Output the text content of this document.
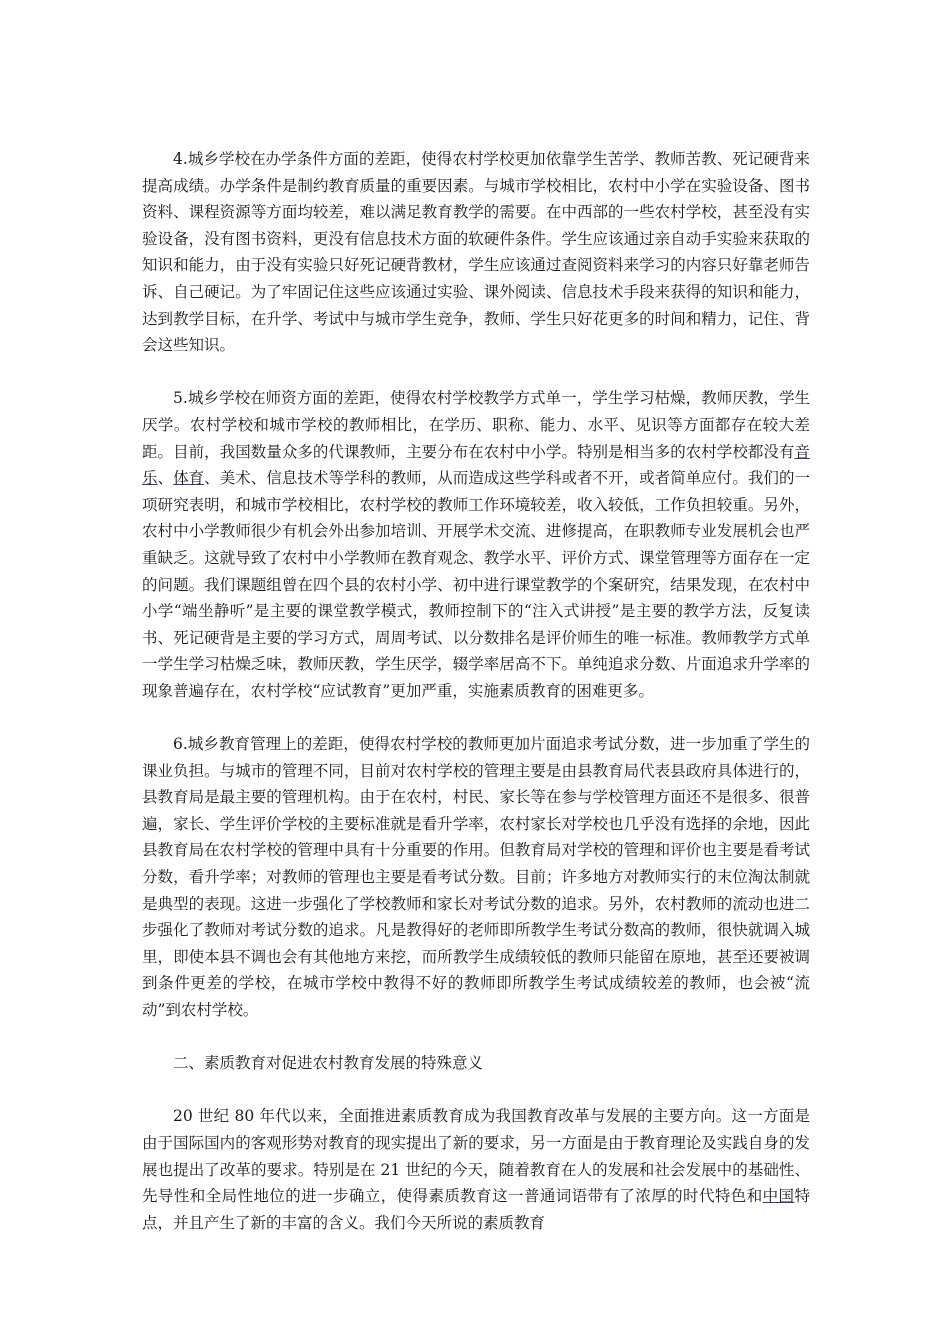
4.城乡学校在办学条件方面的差距，使得农村学校更加依靠学生苦学、教师苦教、死记硬背来提高成绩。办学条件是制约教育质量的重要因素。与城市学校相比，农村中小学在实验设备、图书资料、课程资源等方面均较差，难以满足教育教学的需要。在中西部的一些农村学校，甚至没有实验设备，没有图书资料，更没有信息技术方面的软硬件条件。学生应该通过亲自动手实验来获取的知识和能力，由于没有实验只好死记硬背教材，学生应该通过查阅资料来学习的内容只好靠老师告诉、自己硬记。为了牢固记住这些应该通过实验、课外阅读、信息技术手段来获得的知识和能力，达到教学目标，在升学、考试中与城市学生竞争，教师、学生只好花更多的时间和精力，记住、背会这些知识。

5.城乡学校在师资方面的差距，使得农村学校教学方式单一，学生学习枯燥，教师厌教，学生厌学。农村学校和城市学校的教师相比，在学历、职称、能力、水平、见识等方面都存在较大差距。目前，我国数量众多的代课教师，主要分布在农村中小学。特别是相当多的农村学校都没有音乐、体育、美术、信息技术等学科的教师，从而造成这些学科或者不开，或者简单应付。我们的一项研究表明，和城市学校相比，农村学校的教师工作环境较差，收入较低，工作负担较重。另外，农村中小学教师很少有机会外出参加培训、开展学术交流、进修提高，在职教师专业发展机会也严重缺乏。这就导致了农村中小学教师在教育观念、教学水平、评价方式、课堂管理等方面存在一定的问题。我们课题组曾在四个县的农村小学、初中进行课堂教学的个案研究，结果发现，在农村中小学“端坐静听”是主要的课堂教学模式，教师控制下的“注入式讲授”是主要的教学方法，反复读书、死记硬背是主要的学习方式，周周考试、以分数排名是评价师生的唯一标准。教师教学方式单一学生学习枯燥乏味，教师厌教，学生厌学，辍学率居高不下。单纯追求分数、片面追求升学率的现象普遍存在，农村学校“应试教育”更加严重，实施素质教育的困难更多。

6.城乡教育管理上的差距，使得农村学校的教师更加片面追求考试分数，进一步加重了学生的课业负担。与城市的管理不同，目前对农村学校的管理主要是由县教育局代表县政府具体进行的，县教育局是最主要的管理机构。由于在农村，村民、家长等在参与学校管理方面还不是很多、很普遍，家长、学生评价学校的主要标准就是看升学率，农村家长对学校也几乎没有选择的余地，因此县教育局在农村学校的管理中具有十分重要的作用。但教育局对学校的管理和评价也主要是看考试分数，看升学率；对教师的管理也主要是看考试分数。目前；许多地方对教师实行的末位淘汰制就是典型的表现。这进一步强化了学校教师和家长对考试分数的追求。另外，农村教师的流动也进二步强化了教师对考试分数的追求。凡是教得好的老师即所教学生考试分数高的教师，很快就调入城里，即使本县不调也会有其他地方来挖，而所教学生成绩较低的教师只能留在原地，甚至还要被调到条件更差的学校，在城市学校中教得不好的教师即所教学生考试成绩较差的教师，也会被“流动”到农村学校。

二、素质教育对促进农村教育发展的特殊意义

20 世纪 80 年代以来，全面推进素质教育成为我国教育改革与发展的主要方向。这一方面是由于国际国内的客观形势对教育的现实提出了新的要求，另一方面是由于教育理论及实践自身的发展也提出了改革的要求。特别是在 21 世纪的今天，随着教育在人的发展和社会发展中的基础性、先导性和全局性地位的进一步确立，使得素质教育这一普通词语带有了浓厚的时代特色和中国特点，并且产生了新的丰富的含义。我们今天所说的素质教育
